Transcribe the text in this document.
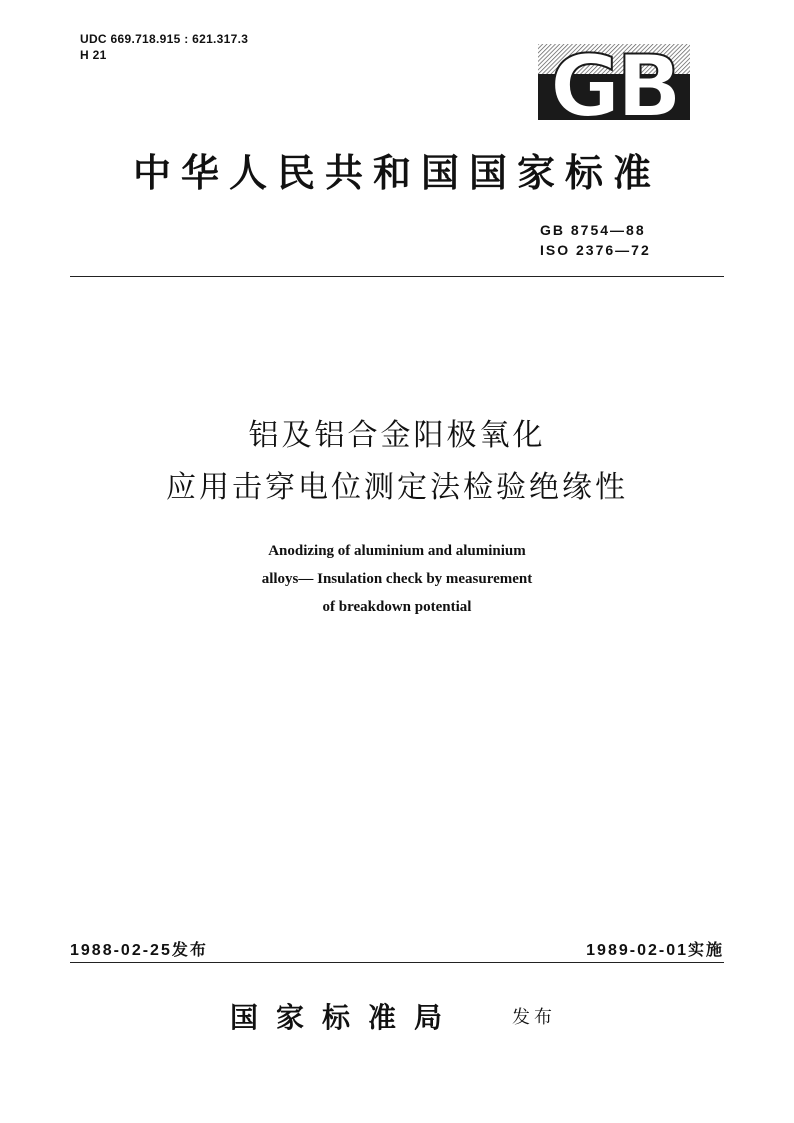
UDC 669.718.915 : 621.317.3
H 21	GB
中华人民共和国国家标准
GB 8754—88
ISO 2376—72
铝及铝合金阳极氧化
应用击穿电位测定法检验绝缘性
Anodizing of aluminium and aluminium
alloys— Insulation check by measurement
of breakdown potential
1988-02-25发布	1989-02-01实施
国家标准局	发布
